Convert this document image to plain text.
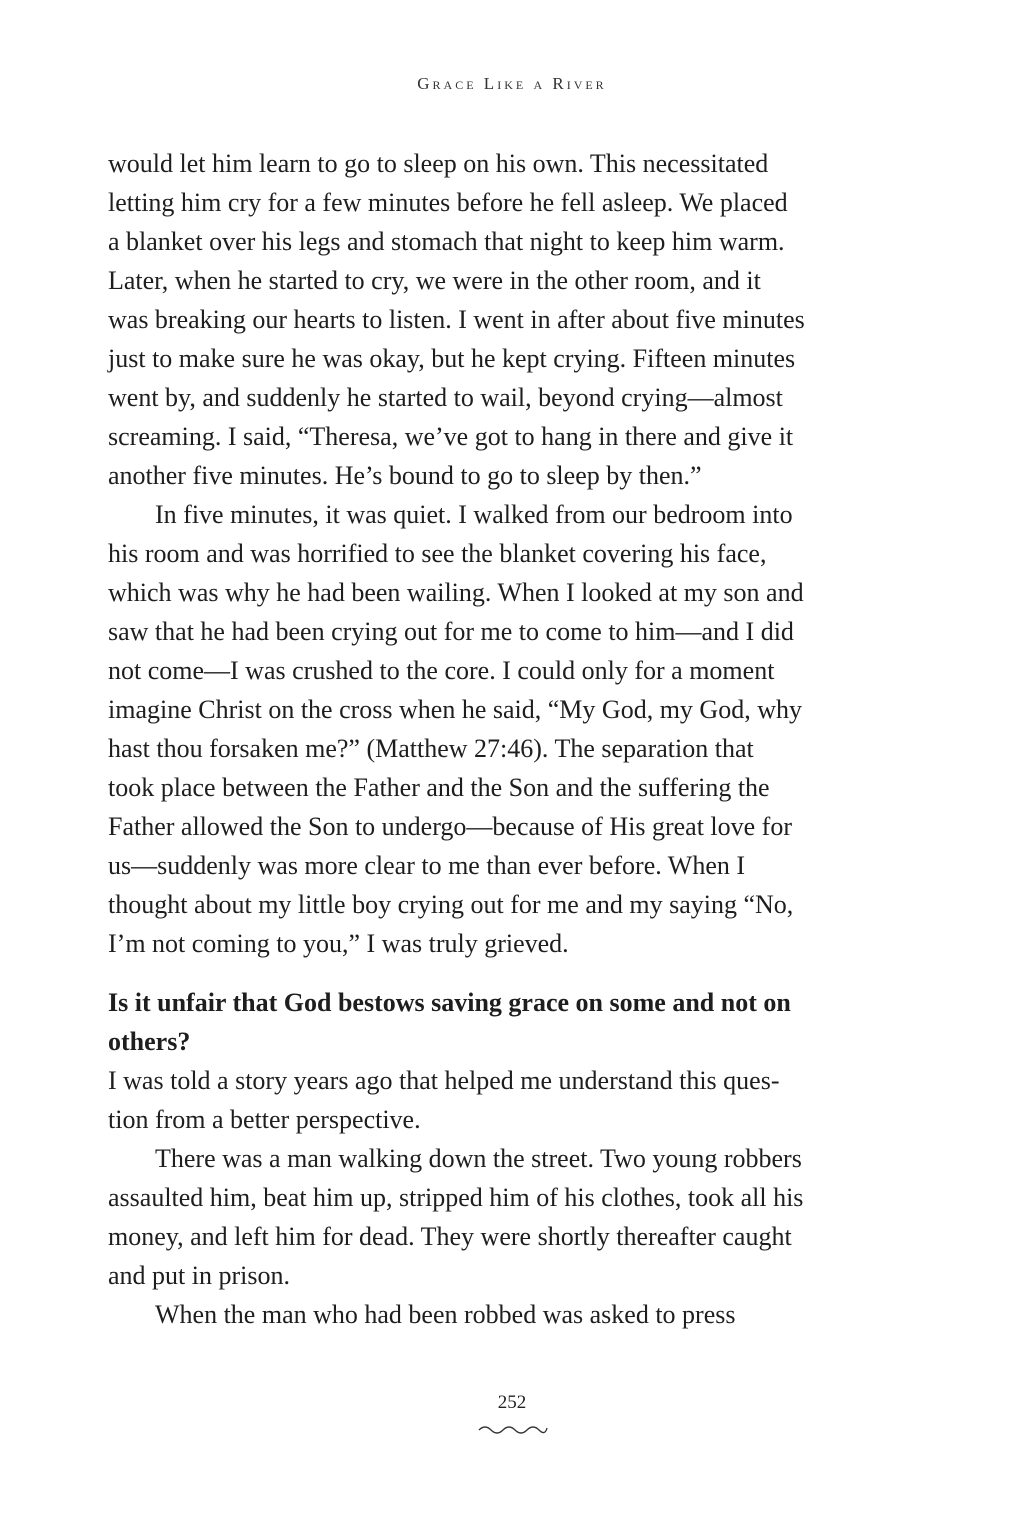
Grace Like a River
would let him learn to go to sleep on his own. This necessitated
letting him cry for a few minutes before he fell asleep. We placed
a blanket over his legs and stomach that night to keep him warm.
Later, when he started to cry, we were in the other room, and it
was breaking our hearts to listen. I went in after about five minutes
just to make sure he was okay, but he kept crying. Fifteen minutes
went by, and suddenly he started to wail, beyond crying—almost
screaming. I said, “Theresa, we’ve got to hang in there and give it
another five minutes. He’s bound to go to sleep by then.”
In five minutes, it was quiet. I walked from our bedroom into
his room and was horrified to see the blanket covering his face,
which was why he had been wailing. When I looked at my son and
saw that he had been crying out for me to come to him—and I did
not come—I was crushed to the core. I could only for a moment
imagine Christ on the cross when he said, “My God, my God, why
hast thou forsaken me?” (Matthew 27:46). The separation that
took place between the Father and the Son and the suffering the
Father allowed the Son to undergo—because of His great love for
us—suddenly was more clear to me than ever before. When I
thought about my little boy crying out for me and my saying “No,
I’m not coming to you,” I was truly grieved.
Is it unfair that God bestows saving grace on some and not on
others?
I was told a story years ago that helped me understand this ques-
tion from a better perspective.
There was a man walking down the street. Two young robbers
assaulted him, beat him up, stripped him of his clothes, took all his
money, and left him for dead. They were shortly thereafter caught
and put in prison.
When the man who had been robbed was asked to press
252
